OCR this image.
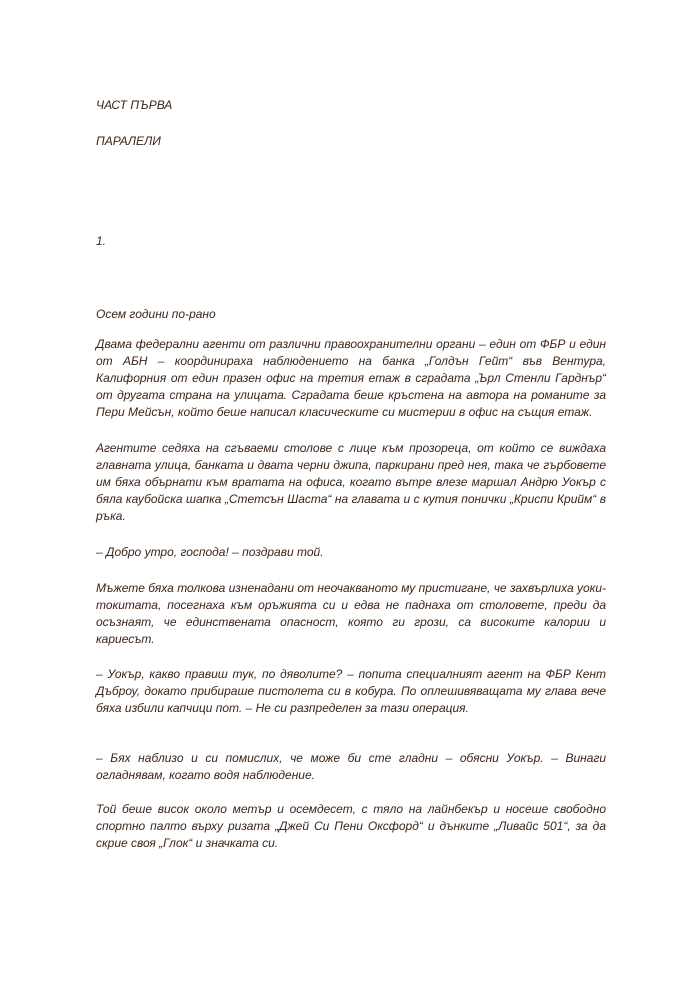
ЧАСТ ПЪРВА

ПАРАЛЕЛИ

1.

Осем години по-рано

Двама федерални агенти от различни правоохранителни органи – един от ФБР и един от АБН – координираха наблюдението на банка „Голдън Гейт“ във Вентура, Калифорния от един празен офис на третия етаж в сградата „Ърл Стенли Гарднър“ от другата страна на улицата. Сградата беше кръстена на автора на романите за Пери Мейсън, който беше написал класическите си мистерии в офис на същия етаж.

Агентите седяха на сгъваеми столове с лице към прозореца, от който се виждаха главната улица, банката и двата черни джипа, паркирани пред нея, така че гърбовете им бяха обърнати към вратата на офиса, когато вътре влезе маршал Андрю Уокър с бяла каубойска шапка „Стетсън Шаста“ на главата и с кутия понички „Криспи Крийм“ в ръка.

– Добро утро, господа! – поздрави той.

Мъжете бяха толкова изненадани от неочакваното му пристигане, че захвърлиха уоки-токитата, посегнаха към оръжията си и едва не паднаха от столовете, преди да осъзнаят, че единствената опасност, която ги грози, са високите калории и кариесът.

– Уокър, какво правиш тук, по дяволите? – попита специалният агент на ФБР Кент Дъброу, докато прибираше пистолета си в кобура. По оплешивяващата му глава вече бяха избили капчици пот. – Не си разпределен за тази операция.

– Бях наблизо и си помислих, че може би сте гладни – обясни Уокър. – Винаги огладнявам, когато водя наблюдение.

Той беше висок около метър и осемдесет, с тяло на лайнбекър и носеше свободно спортно палто върху ризата „Джей Си Пени Оксфорд“ и дънките „Ливайс 501“, за да скрие своя „Глок“ и значката си.
